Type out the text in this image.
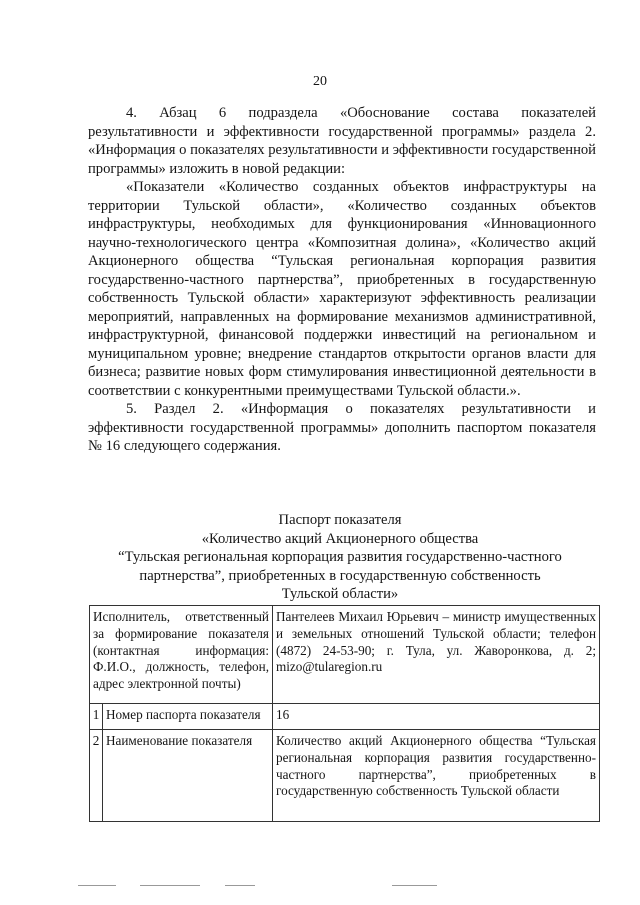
20

4. Абзац 6 подраздела «Обоснование состава показателей результативности и эффективности государственной программы» раздела 2. «Информация о показателях результативности и эффективности государственной программы» изложить в новой редакции:

«Показатели «Количество созданных объектов инфраструктуры на территории Тульской области», «Количество созданных объектов инфраструктуры, необходимых для функционирования «Инновационного научно-технологического центра «Композитная долина», «Количество акций Акционерного общества “Тульская региональная корпорация развития государственно-частного партнерства”, приобретенных в государственную собственность Тульской области» характеризуют эффективность реализации мероприятий, направленных на формирование механизмов административной, инфраструктурной, финансовой поддержки инвестиций на региональном и муниципальном уровне; внедрение стандартов открытости органов власти для бизнеса; развитие новых форм стимулирования инвестиционной деятельности в соответствии с конкурентными преимуществами Тульской области.».

5. Раздел 2. «Информация о показателях результативности и эффективности государственной программы» дополнить паспортом показателя № 16 следующего содержания.

Паспорт показателя
«Количество акций Акционерного общества
“Тульская региональная корпорация развития государственно-частного
партнерства”, приобретенных в государственную собственность
Тульской области»
Исполнитель, ответственный за формирование показателя (контактная информация: Ф.И.О., должность, телефон, адрес электронной почты)		Пантелеев Михаил Юрьевич – министр имущественных и земельных отношений Тульской области; телефон (4872) 24-53-90; г. Тула, ул. Жаворонкова, д. 2; mizo@tularegion.ru
1	Номер паспорта показателя	16
2	Наименование показателя	Количество акций Акционерного общества “Тульская региональная корпорация развития государственно-частного партнерства”, приобретенных в государственную собственность Тульской области
